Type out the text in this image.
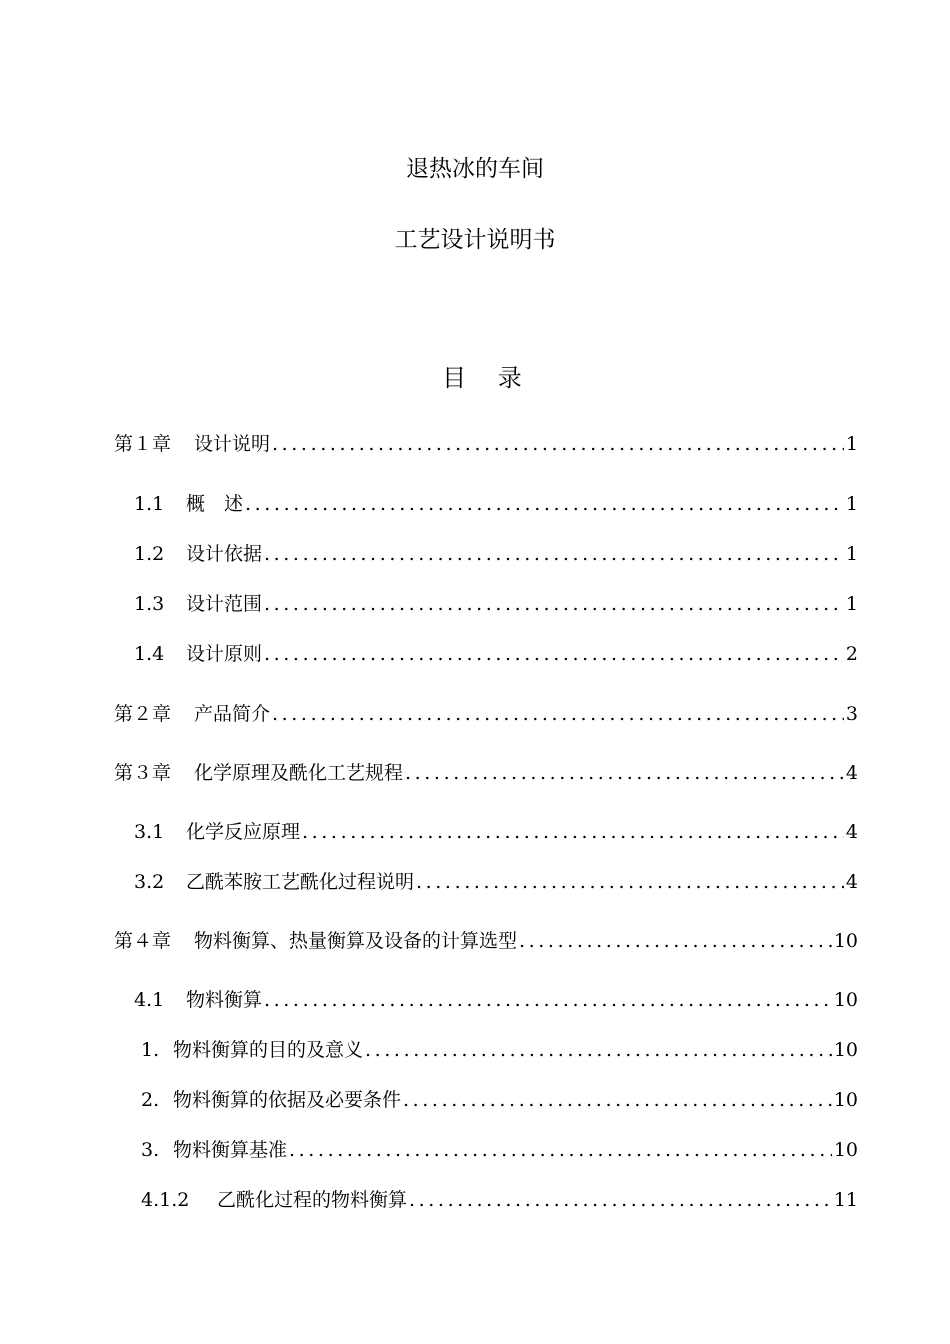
退热冰的车间
工艺设计说明书
目 录
第１章	设计说明 .....	1
1.1	概　述 .....	1
1.2	设计依据 .....	1
1.3	设计范围 .....	1
1.4	设计原则 .....	2
第２章	产品简介 .....	3
第３章	化学原理及酰化工艺规程 .....	4
3.1	化学反应原理 .....	4
3.2	乙酰苯胺工艺酰化过程说明 .....	4
第４章	物料衡算、热量衡算及设备的计算选型 .....	10
4.1	物料衡算 .....	10
1. 物料衡算的目的及意义 .....	10
2. 物料衡算的依据及必要条件 .....	10
3. 物料衡算基准 .....	10
4.1.2	乙酰化过程的物料衡算 .....	11
